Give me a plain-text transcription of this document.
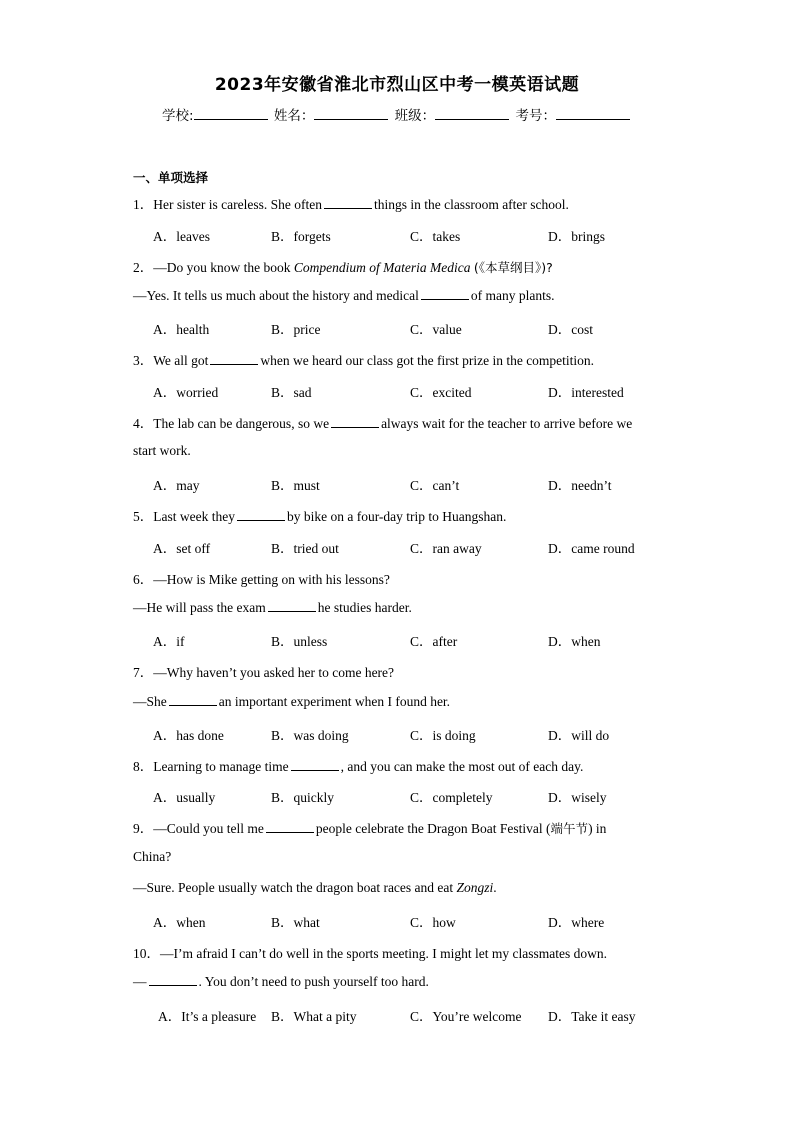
2023年安徽省淮北市烈山区中考一模英语试题
学校:	姓名：	班级：	考号：
一、单项选择
1．Her sister is careless. She often	things in the classroom after school.
A．leaves	B．forgets	C．takes	D．brings
2．—Do you know the book Compendium of Materia Medica (《本草纲目》)?
—Yes. It tells us much about the history and medical	of many plants.
A．health	B．price	C．value	D．cost
3．We all got	when we heard our class got the first prize in the competition.
A．worried	B．sad	C．excited	D．interested
4．The lab can be dangerous, so we	always wait for the teacher to arrive before we
start work.
A．may	B．must	C．can’t	D．needn’t
5．Last week they	by bike on a four-day trip to Huangshan.
A．set off	B．tried out	C．ran away	D．came round
6．—How is Mike getting on with his lessons?
—He will pass the exam	he studies harder.
A．if	B．unless	C．after	D．when
7．—Why haven’t you asked her to come here?
—She	an important experiment when I found her.
A．has done	B．was doing	C．is doing	D．will do
8．Learning to manage time	, and you can make the most out of each day.
A．usually	B．quickly	C．completely	D．wisely
9．—Could you tell me	people celebrate the Dragon Boat Festival (端午节) in
China?
—Sure. People usually watch the dragon boat races and eat Zongzi.
A．when	B．what	C．how	D．where
10．—I’m afraid I can’t do well in the sports meeting. I might let my classmates down.
—	. You don’t need to push yourself too hard.
A．It’s a pleasure B．What a pity	C．You’re welcome D．Take it easy
